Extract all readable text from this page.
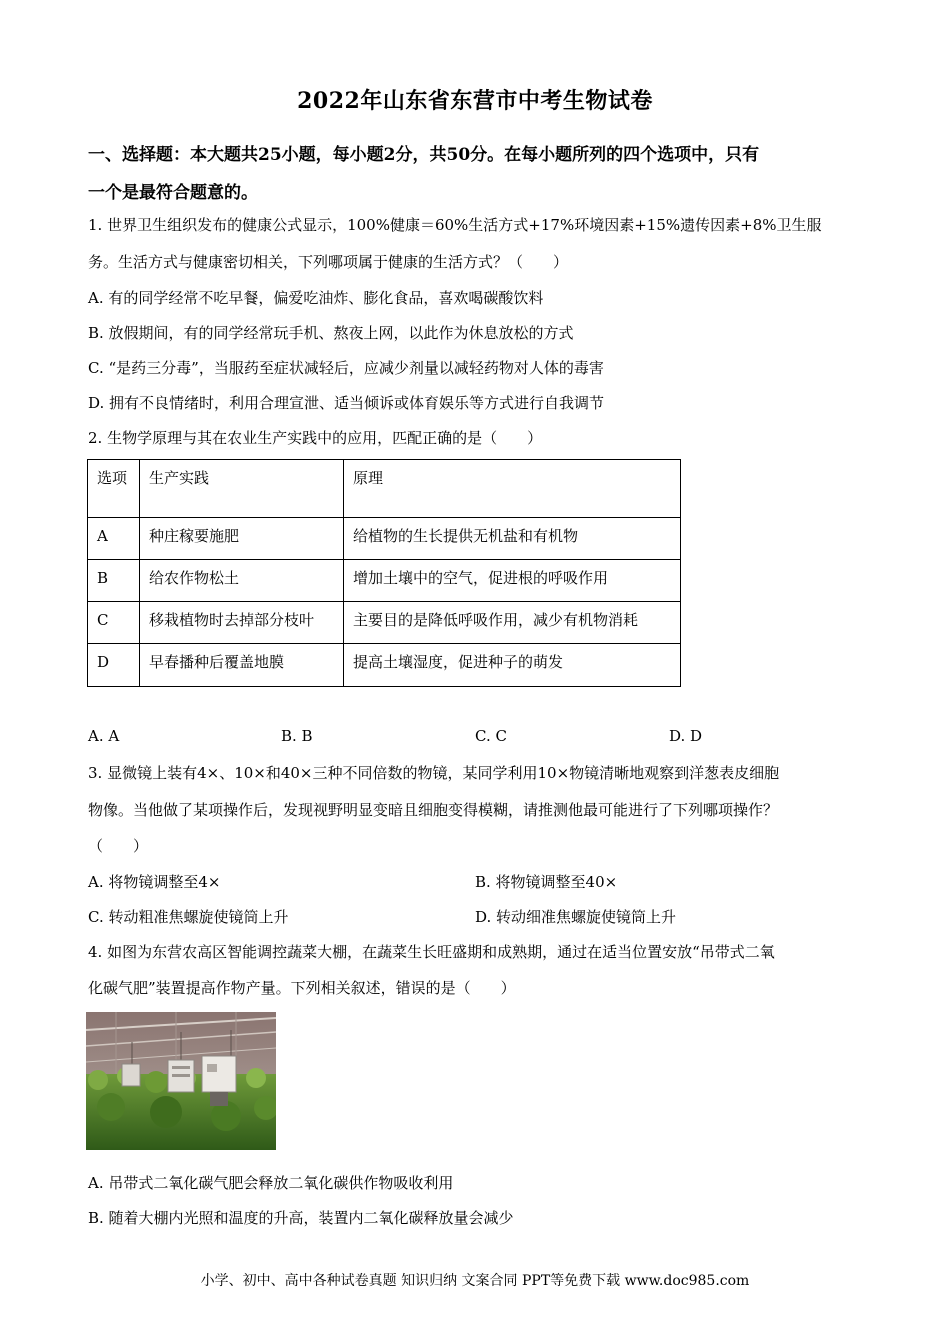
2022年山东省东营市中考生物试卷
一、选择题：本大题共25小题，每小题2分，共50分。在每小题所列的四个选项中，只有
一个是最符合题意的。
1. 世界卫生组织发布的健康公式显示，100%健康＝60%生活方式+17%环境因素+15%遗传因素+8%卫生服
务。生活方式与健康密切相关，下列哪项属于健康的生活方式？（　　）
A. 有的同学经常不吃早餐，偏爱吃油炸、膨化食品，喜欢喝碳酸饮料
B. 放假期间，有的同学经常玩手机、熬夜上网，以此作为休息放松的方式
C. “是药三分毒”，当服药至症状减轻后，应减少剂量以减轻药物对人体的毒害
D. 拥有不良情绪时，利用合理宣泄、适当倾诉或体育娱乐等方式进行自我调节
2. 生物学原理与其在农业生产实践中的应用，匹配正确的是（　　）
选项	生产实践	原理
A	种庄稼要施肥	给植物的生长提供无机盐和有机物
B	给农作物松土	增加土壤中的空气，促进根的呼吸作用
C	移栽植物时去掉部分枝叶	主要目的是降低呼吸作用，减少有机物消耗
D	早春播种后覆盖地膜	提高土壤湿度，促进种子的萌发
A. A	B. B	C. C	D. D
3. 显微镜上装有4×、10×和40×三种不同倍数的物镜，某同学利用10×物镜清晰地观察到洋葱表皮细胞
物像。当他做了某项操作后，发现视野明显变暗且细胞变得模糊，请推测他最可能进行了下列哪项操作？
（　　）
A. 将物镜调整至4×	B. 将物镜调整至40×
C. 转动粗准焦螺旋使镜筒上升	D. 转动细准焦螺旋使镜筒上升
4. 如图为东营农高区智能调控蔬菜大棚，在蔬菜生长旺盛期和成熟期，通过在适当位置安放“吊带式二氧
化碳气肥”装置提高作物产量。下列相关叙述，错误的是（　　）
A. 吊带式二氧化碳气肥会释放二氧化碳供作物吸收利用
B. 随着大棚内光照和温度的升高，装置内二氧化碳释放量会减少
小学、初中、高中各种试卷真题 知识归纳 文案合同 PPT等免费下载 www.doc985.com
